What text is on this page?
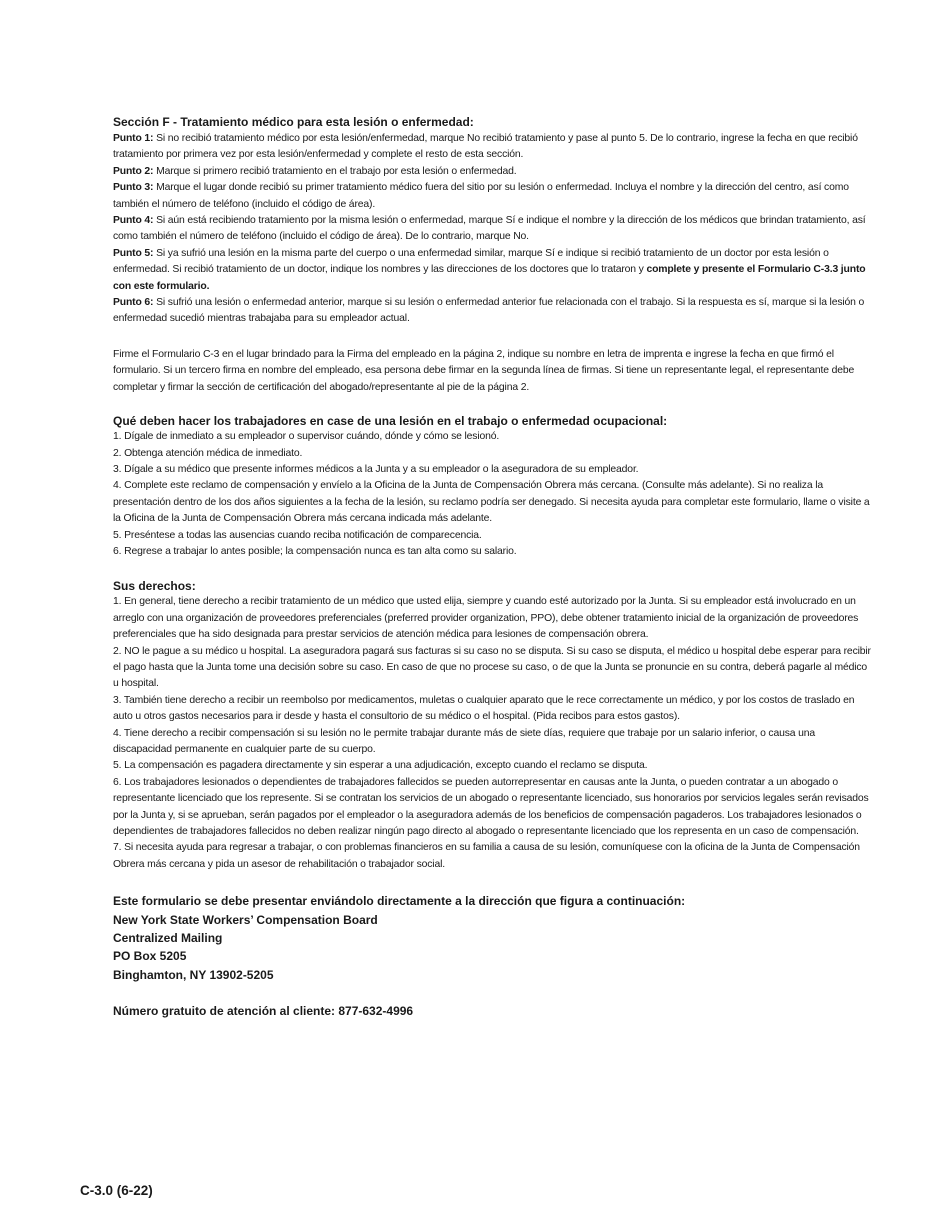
Sección F - Tratamiento médico para esta lesión o enfermedad:

Punto 1: Si no recibió tratamiento médico por esta lesión/enfermedad, marque No recibió tratamiento y pase al punto 5. De lo contrario, ingrese la fecha en que recibió tratamiento por primera vez por esta lesión/enfermedad y complete el resto de esta sección.

Punto 2: Marque si primero recibió tratamiento en el trabajo por esta lesión o enfermedad.

Punto 3: Marque el lugar donde recibió su primer tratamiento médico fuera del sitio por su lesión o enfermedad. Incluya el nombre y la dirección del centro, así como también el número de teléfono (incluido el código de área).

Punto 4: Si aún está recibiendo tratamiento por la misma lesión o enfermedad, marque Sí e indique el nombre y la dirección de los médicos que brindan tratamiento, así como también el número de teléfono (incluido el código de área). De lo contrario, marque No.

Punto 5: Si ya sufrió una lesión en la misma parte del cuerpo o una enfermedad similar, marque Sí e indique si recibió tratamiento de un doctor por esta lesión o enfermedad. Si recibió tratamiento de un doctor, indique los nombres y las direcciones de los doctores que lo trataron y complete y presente el Formulario C-3.3 junto con este formulario.

Punto 6: Si sufrió una lesión o enfermedad anterior, marque si su lesión o enfermedad anterior fue relacionada con el trabajo. Si la respuesta es sí, marque si la lesión o enfermedad sucedió mientras trabajaba para su empleador actual.

Firme el Formulario C-3 en el lugar brindado para la Firma del empleado en la página 2, indique su nombre en letra de imprenta e ingrese la fecha en que firmó el formulario. Si un tercero firma en nombre del empleado, esa persona debe firmar en la segunda línea de firmas. Si tiene un representante legal, el representante debe completar y firmar la sección de certificación del abogado/representante al pie de la página 2.

Qué deben hacer los trabajadores en case de una lesión en el trabajo o enfermedad ocupacional:

1. Dígale de inmediato a su empleador o supervisor cuándo, dónde y cómo se lesionó.

2. Obtenga atención médica de inmediato.

3. Dígale a su médico que presente informes médicos a la Junta y a su empleador o la aseguradora de su empleador.

4. Complete este reclamo de compensación y envíelo a la Oficina de la Junta de Compensación Obrera más cercana. (Consulte más adelante). Si no realiza la presentación dentro de los dos años siguientes a la fecha de la lesión, su reclamo podría ser denegado. Si necesita ayuda para completar este formulario, llame o visite a la Oficina de la Junta de Compensación Obrera más cercana indicada más adelante.

5. Preséntese a todas las ausencias cuando reciba notificación de comparecencia.

6. Regrese a trabajar lo antes posible; la compensación nunca es tan alta como su salario.

Sus derechos:

1. En general, tiene derecho a recibir tratamiento de un médico que usted elija, siempre y cuando esté autorizado por la Junta. Si su empleador está involucrado en un arreglo con una organización de proveedores preferenciales (preferred provider organization, PPO), debe obtener tratamiento inicial de la organización de proveedores preferenciales que ha sido designada para prestar servicios de atención médica para lesiones de compensación obrera.

2. NO le pague a su médico u hospital. La aseguradora pagará sus facturas si su caso no se disputa. Si su caso se disputa, el médico u hospital debe esperar para recibir el pago hasta que la Junta tome una decisión sobre su caso. En caso de que no procese su caso, o de que la Junta se pronuncie en su contra, deberá pagarle al médico u hospital.

3. También tiene derecho a recibir un reembolso por medicamentos, muletas o cualquier aparato que le rece correctamente un médico, y por los costos de traslado en auto u otros gastos necesarios para ir desde y hasta el consultorio de su médico o el hospital. (Pida recibos para estos gastos).

4. Tiene derecho a recibir compensación si su lesión no le permite trabajar durante más de siete días, requiere que trabaje por un salario inferior, o causa una discapacidad permanente en cualquier parte de su cuerpo.

5. La compensación es pagadera directamente y sin esperar a una adjudicación, excepto cuando el reclamo se disputa.

6. Los trabajadores lesionados o dependientes de trabajadores fallecidos se pueden autorrepresentar en causas ante la Junta, o pueden contratar a un abogado o representante licenciado que los represente. Si se contratan los servicios de un abogado o representante licenciado, sus honorarios por servicios legales serán revisados por la Junta y, si se aprueban, serán pagados por el empleador o la aseguradora además de los beneficios de compensación pagaderos. Los trabajadores lesionados o dependientes de trabajadores fallecidos no deben realizar ningún pago directo al abogado o representante licenciado que los representa en un caso de compensación.

7. Si necesita ayuda para regresar a trabajar, o con problemas financieros en su familia a causa de su lesión, comuníquese con la oficina de la Junta de Compensación Obrera más cercana y pida un asesor de rehabilitación o trabajador social.

Este formulario se debe presentar enviándolo directamente a la dirección que figura a continuación:
New York State Workers’ Compensation Board
Centralized Mailing
PO Box 5205
Binghamton, NY 13902-5205
Número gratuito de atención al cliente: 877-632-4996
C-3.0 (6-22)
